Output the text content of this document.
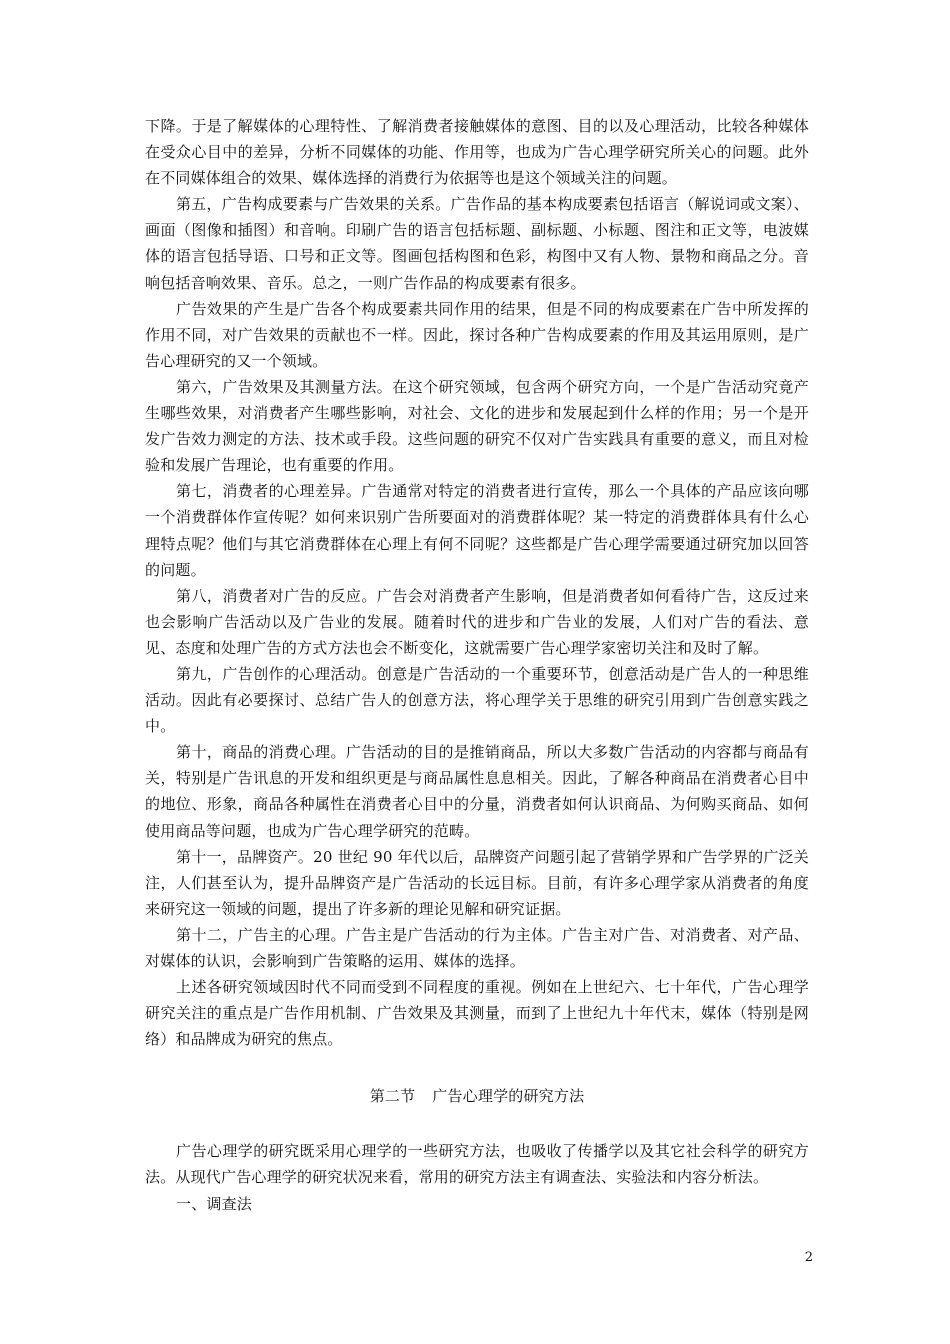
下降。于是了解媒体的心理特性、了解消费者接触媒体的意图、目的以及心理活动，比较各种媒体在受众心目中的差异，分析不同媒体的功能、作用等，也成为广告心理学研究所关心的问题。此外在不同媒体组合的效果、媒体选择的消费行为依据等也是这个领域关注的问题。

第五，广告构成要素与广告效果的关系。广告作品的基本构成要素包括语言（解说词或文案）、画面（图像和插图）和音响。印刷广告的语言包括标题、副标题、小标题、图注和正文等，电波媒体的语言包括导语、口号和正文等。图画包括构图和色彩，构图中又有人物、景物和商品之分。音响包括音响效果、音乐。总之，一则广告作品的构成要素有很多。

广告效果的产生是广告各个构成要素共同作用的结果，但是不同的构成要素在广告中所发挥的作用不同，对广告效果的贡献也不一样。因此，探讨各种广告构成要素的作用及其运用原则，是广告心理研究的又一个领域。

第六，广告效果及其测量方法。在这个研究领域，包含两个研究方向，一个是广告活动究竟产生哪些效果，对消费者产生哪些影响，对社会、文化的进步和发展起到什么样的作用；另一个是开发广告效力测定的方法、技术或手段。这些问题的研究不仅对广告实践具有重要的意义，而且对检验和发展广告理论，也有重要的作用。

第七，消费者的心理差异。广告通常对特定的消费者进行宣传，那么一个具体的产品应该向哪一个消费群体作宣传呢？如何来识别广告所要面对的消费群体呢？某一特定的消费群体具有什么心理特点呢？他们与其它消费群体在心理上有何不同呢？这些都是广告心理学需要通过研究加以回答的问题。

第八，消费者对广告的反应。广告会对消费者产生影响，但是消费者如何看待广告，这反过来也会影响广告活动以及广告业的发展。随着时代的进步和广告业的发展，人们对广告的看法、意见、态度和处理广告的方式方法也会不断变化，这就需要广告心理学家密切关注和及时了解。

第九，广告创作的心理活动。创意是广告活动的一个重要环节，创意活动是广告人的一种思维活动。因此有必要探讨、总结广告人的创意方法，将心理学关于思维的研究引用到广告创意实践之中。

第十，商品的消费心理。广告活动的目的是推销商品，所以大多数广告活动的内容都与商品有关，特别是广告讯息的开发和组织更是与商品属性息息相关。因此，了解各种商品在消费者心目中的地位、形象，商品各种属性在消费者心目中的分量，消费者如何认识商品、为何购买商品、如何使用商品等问题，也成为广告心理学研究的范畴。

第十一，品牌资产。20 世纪 90 年代以后，品牌资产问题引起了营销学界和广告学界的广泛关注，人们甚至认为，提升品牌资产是广告活动的长远目标。目前，有许多心理学家从消费者的角度来研究这一领域的问题，提出了许多新的理论见解和研究证据。

第十二，广告主的心理。广告主是广告活动的行为主体。广告主对广告、对消费者、对产品、对媒体的认识，会影响到广告策略的运用、媒体的选择。

上述各研究领域因时代不同而受到不同程度的重视。例如在上世纪六、七十年代，广告心理学研究关注的重点是广告作用机制、广告效果及其测量，而到了上世纪九十年代末，媒体（特别是网络）和品牌成为研究的焦点。

第二节 广告心理学的研究方法

广告心理学的研究既采用心理学的一些研究方法，也吸收了传播学以及其它社会科学的研究方法。从现代广告心理学的研究状况来看，常用的研究方法主有调查法、实验法和内容分析法。

一、调查法

2
